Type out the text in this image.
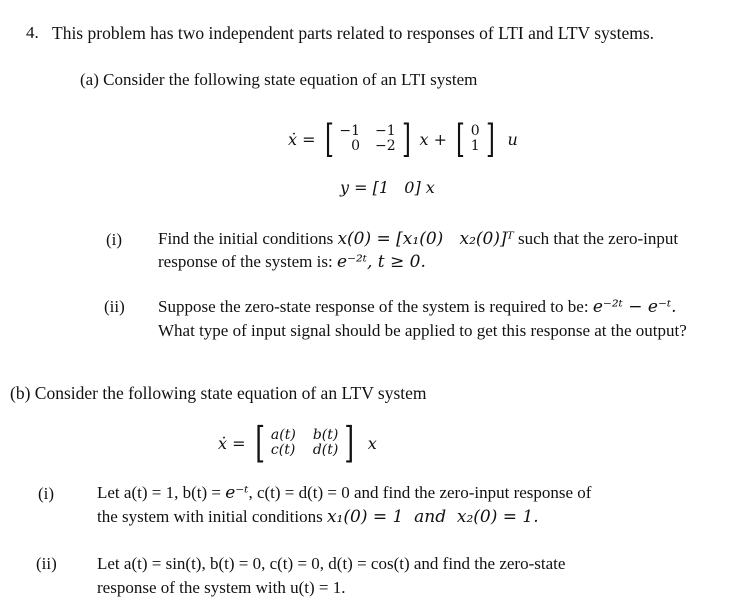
4. This problem has two independent parts related to responses of LTI and LTV systems.
(a) Consider the following state equation of an LTI system
ẋ = [ −1	−1
0	−2 ] x + [ 0
1 ] u
y = [1   0] x
(i) Find the initial conditions x(0) = [x₁(0)   x₂(0)]ᵀ such that the zero-input
response of the system is: e⁻²ᵗ, t ≥ 0.
(ii) Suppose the zero-state response of the system is required to be: e⁻²ᵗ − e⁻ᵗ.
What type of input signal should be applied to get this response at the output?
(b) Consider the following state equation of an LTV system
ẋ = [ a(t)	b(t)
c(t)	d(t) ] x
(i)	Let a(t) = 1, b(t) = e⁻ᵗ, c(t) = d(t) = 0 and find the zero-input response of
the system with initial conditions x₁(0) = 1  and  x₂(0) = 1.
(ii) Let a(t) = sin(t), b(t) = 0, c(t) = 0, d(t) = cos(t) and find the zero-state
response of the system with u(t) = 1.
